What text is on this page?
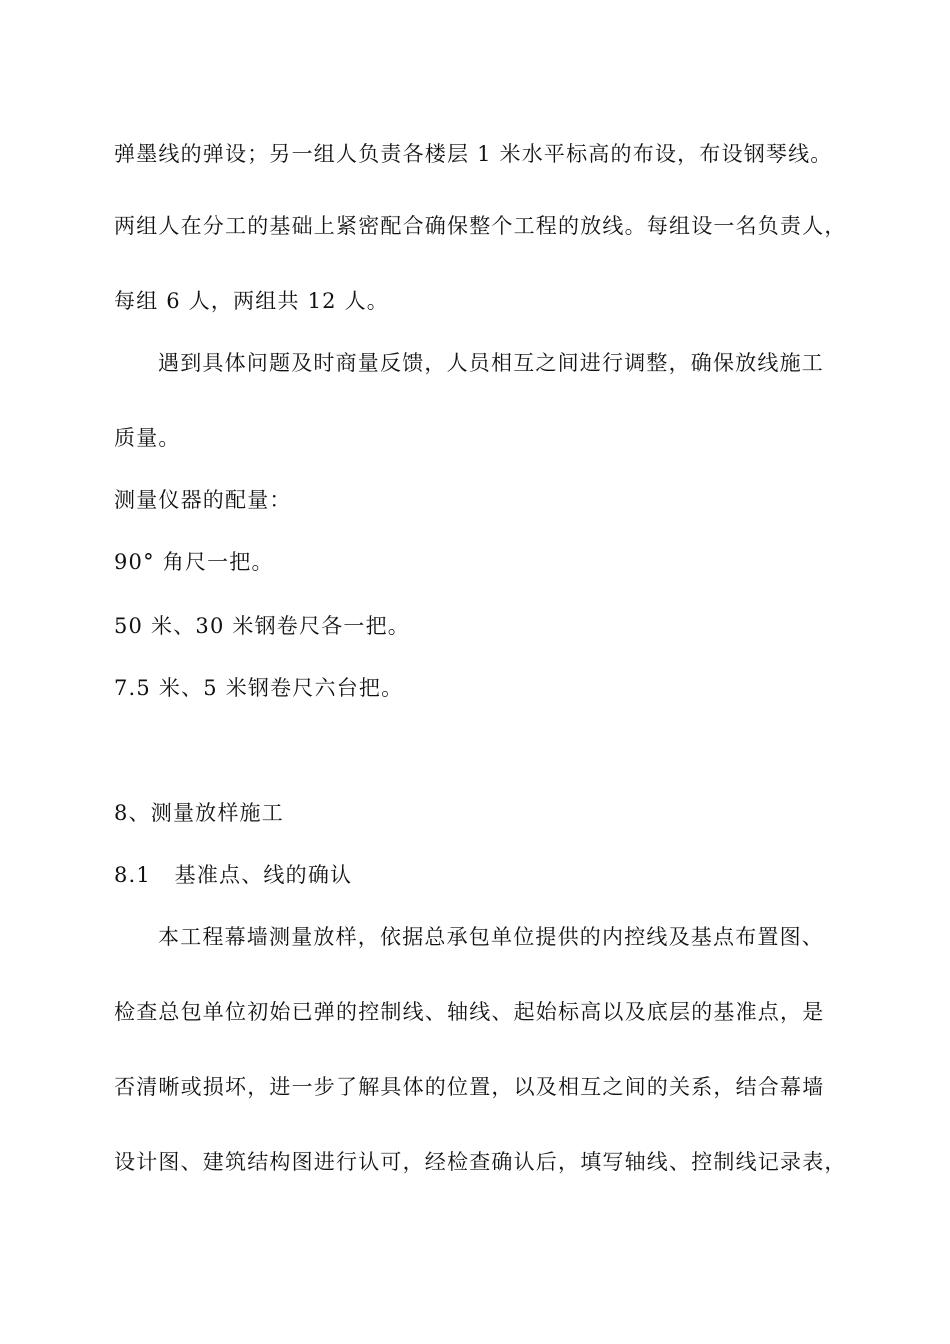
弹墨线的弹设；另一组人负责各楼层 1 米水平标高的布设，布设钢琴线。
两组人在分工的基础上紧密配合确保整个工程的放线。每组设一名负责人，
每组 6 人，两组共 12 人。
遇到具体问题及时商量反馈，人员相互之间进行调整，确保放线施工
质量。
测量仪器的配量：
90° 角尺一把。
50 米、30 米钢卷尺各一把。
7.5 米、5 米钢卷尺六台把。
8、测量放样施工
8.1   基准点、线的确认
本工程幕墙测量放样，依据总承包单位提供的内控线及基点布置图、
检查总包单位初始已弹的控制线、轴线、起始标高以及底层的基准点，是
否清晰或损坏，进一步了解具体的位置，以及相互之间的关系，结合幕墙
设计图、建筑结构图进行认可，经检查确认后，填写轴线、控制线记录表，
